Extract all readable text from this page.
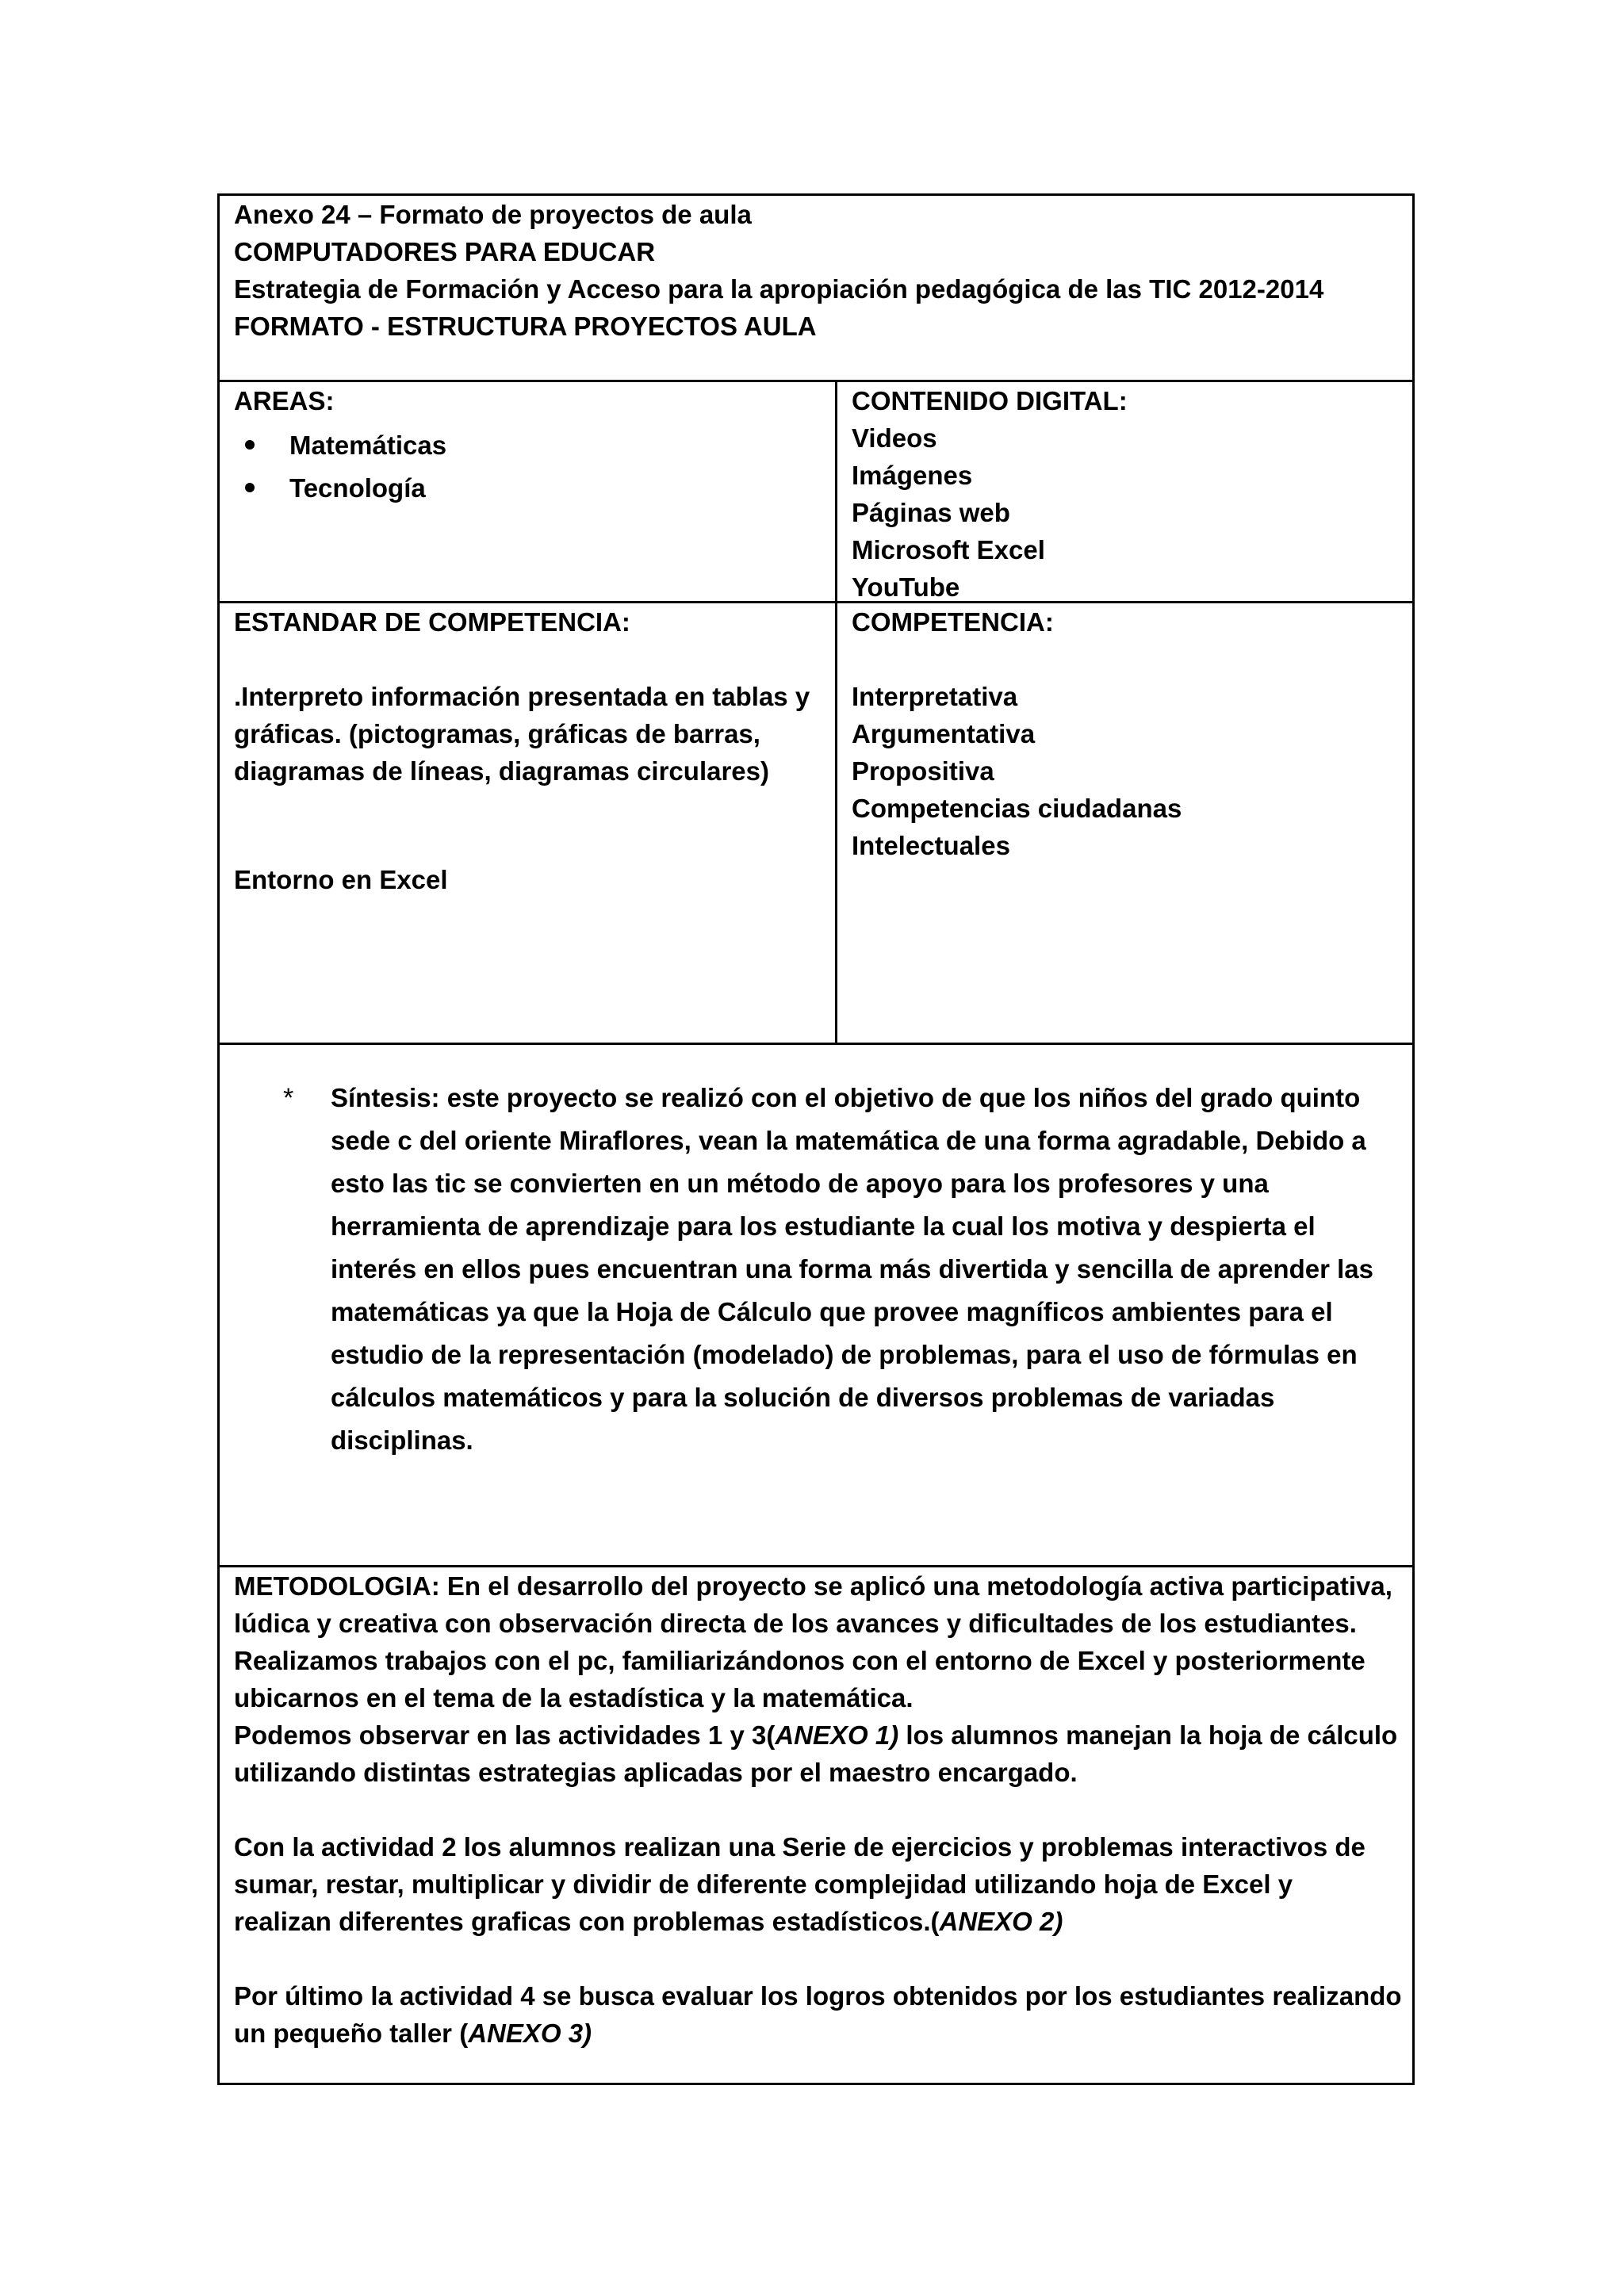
Anexo 24 – Formato de proyectos de aula

COMPUTADORES PARA EDUCAR

Estrategia de Formación y Acceso para la apropiación pedagógica de las TIC 2012-2014

FORMATO - ESTRUCTURA PROYECTOS AULA

AREAS:

Matemáticas
Tecnología

CONTENIDO DIGITAL:

Videos

Imágenes

Páginas web

Microsoft Excel

YouTube

ESTANDAR DE COMPETENCIA:

.Interpreto información presentada en tablas y

gráficas. (pictogramas, gráficas de barras,

diagramas de líneas, diagramas circulares)

Entorno en Excel

COMPETENCIA:

Interpretativa

Argumentativa

Propositiva

Competencias ciudadanas

Intelectuales

* Síntesis: este proyecto se realizó con el objetivo de que los niños del grado quinto

sede c del oriente Miraflores, vean la matemática de una forma agradable, Debido a

esto las tic se convierten en un método de apoyo para los profesores y una

herramienta de aprendizaje para los estudiante la cual los motiva y despierta el

interés en ellos pues encuentran una forma más divertida y sencilla de aprender las

matemáticas ya que la Hoja de Cálculo que provee magníficos ambientes para el

estudio de la representación (modelado) de problemas, para el uso de fórmulas en

cálculos matemáticos y para la solución de diversos problemas de variadas

disciplinas.

METODOLOGIA: En el desarrollo del proyecto se aplicó una metodología activa participativa,

lúdica y creativa con observación directa de los avances y dificultades de los estudiantes.

Realizamos trabajos con el pc, familiarizándonos con el entorno de Excel y posteriormente

ubicarnos en el tema de la estadística y la matemática.

Podemos observar en las actividades 1 y 3(ANEXO 1) los alumnos manejan la hoja de cálculo

utilizando distintas estrategias aplicadas por el maestro encargado.

Con la actividad 2 los alumnos realizan una Serie de ejercicios y problemas interactivos de

sumar, restar, multiplicar y dividir de diferente complejidad utilizando hoja de Excel y

realizan diferentes graficas con problemas estadísticos.(ANEXO 2)

Por último la actividad 4 se busca evaluar los logros obtenidos por los estudiantes realizando

un pequeño taller (ANEXO 3)
